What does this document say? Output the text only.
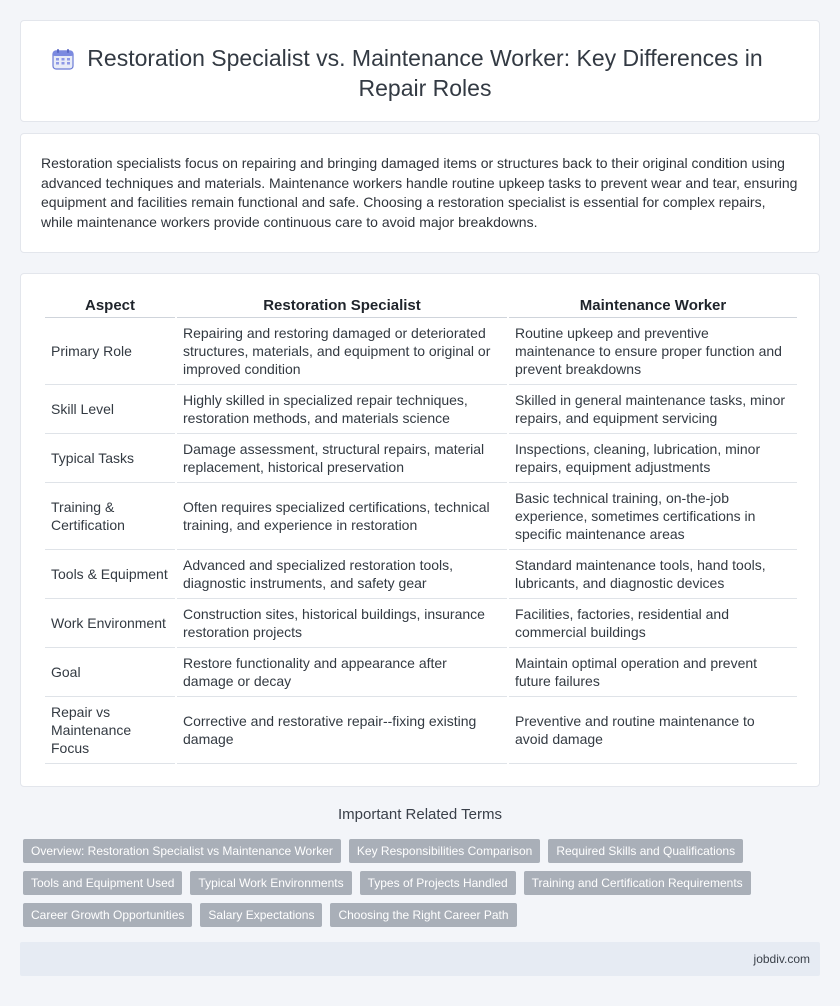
Restoration Specialist vs. Maintenance Worker: Key Differences in Repair Roles

Restoration specialists focus on repairing and bringing damaged items or structures back to their original condition using advanced techniques and materials. Maintenance workers handle routine upkeep tasks to prevent wear and tear, ensuring equipment and facilities remain functional and safe. Choosing a restoration specialist is essential for complex repairs, while maintenance workers provide continuous care to avoid major breakdowns.

Aspect	Restoration Specialist	Maintenance Worker
Primary Role	Repairing and restoring damaged or deteriorated structures, materials, and equipment to original or improved condition	Routine upkeep and preventive maintenance to ensure proper function and prevent breakdowns
Skill Level	Highly skilled in specialized repair techniques, restoration methods, and materials science	Skilled in general maintenance tasks, minor repairs, and equipment servicing
Typical Tasks	Damage assessment, structural repairs, material replacement, historical preservation	Inspections, cleaning, lubrication, minor repairs, equipment adjustments
Training & Certification	Often requires specialized certifications, technical training, and experience in restoration	Basic technical training, on-the-job experience, sometimes certifications in specific maintenance areas
Tools & Equipment	Advanced and specialized restoration tools, diagnostic instruments, and safety gear	Standard maintenance tools, hand tools, lubricants, and diagnostic devices
Work Environment	Construction sites, historical buildings, insurance restoration projects	Facilities, factories, residential and commercial buildings
Goal	Restore functionality and appearance after damage or decay	Maintain optimal operation and prevent future failures
Repair vs Maintenance Focus	Corrective and restorative repair--fixing existing damage	Preventive and routine maintenance to avoid damage
Important Related Terms
Overview: Restoration Specialist vs Maintenance Worker	Key Responsibilities Comparison	Required Skills and Qualifications
Tools and Equipment Used	Typical Work Environments	Types of Projects Handled	Training and Certification Requirements
Career Growth Opportunities	Salary Expectations	Choosing the Right Career Path
jobdiv.com
